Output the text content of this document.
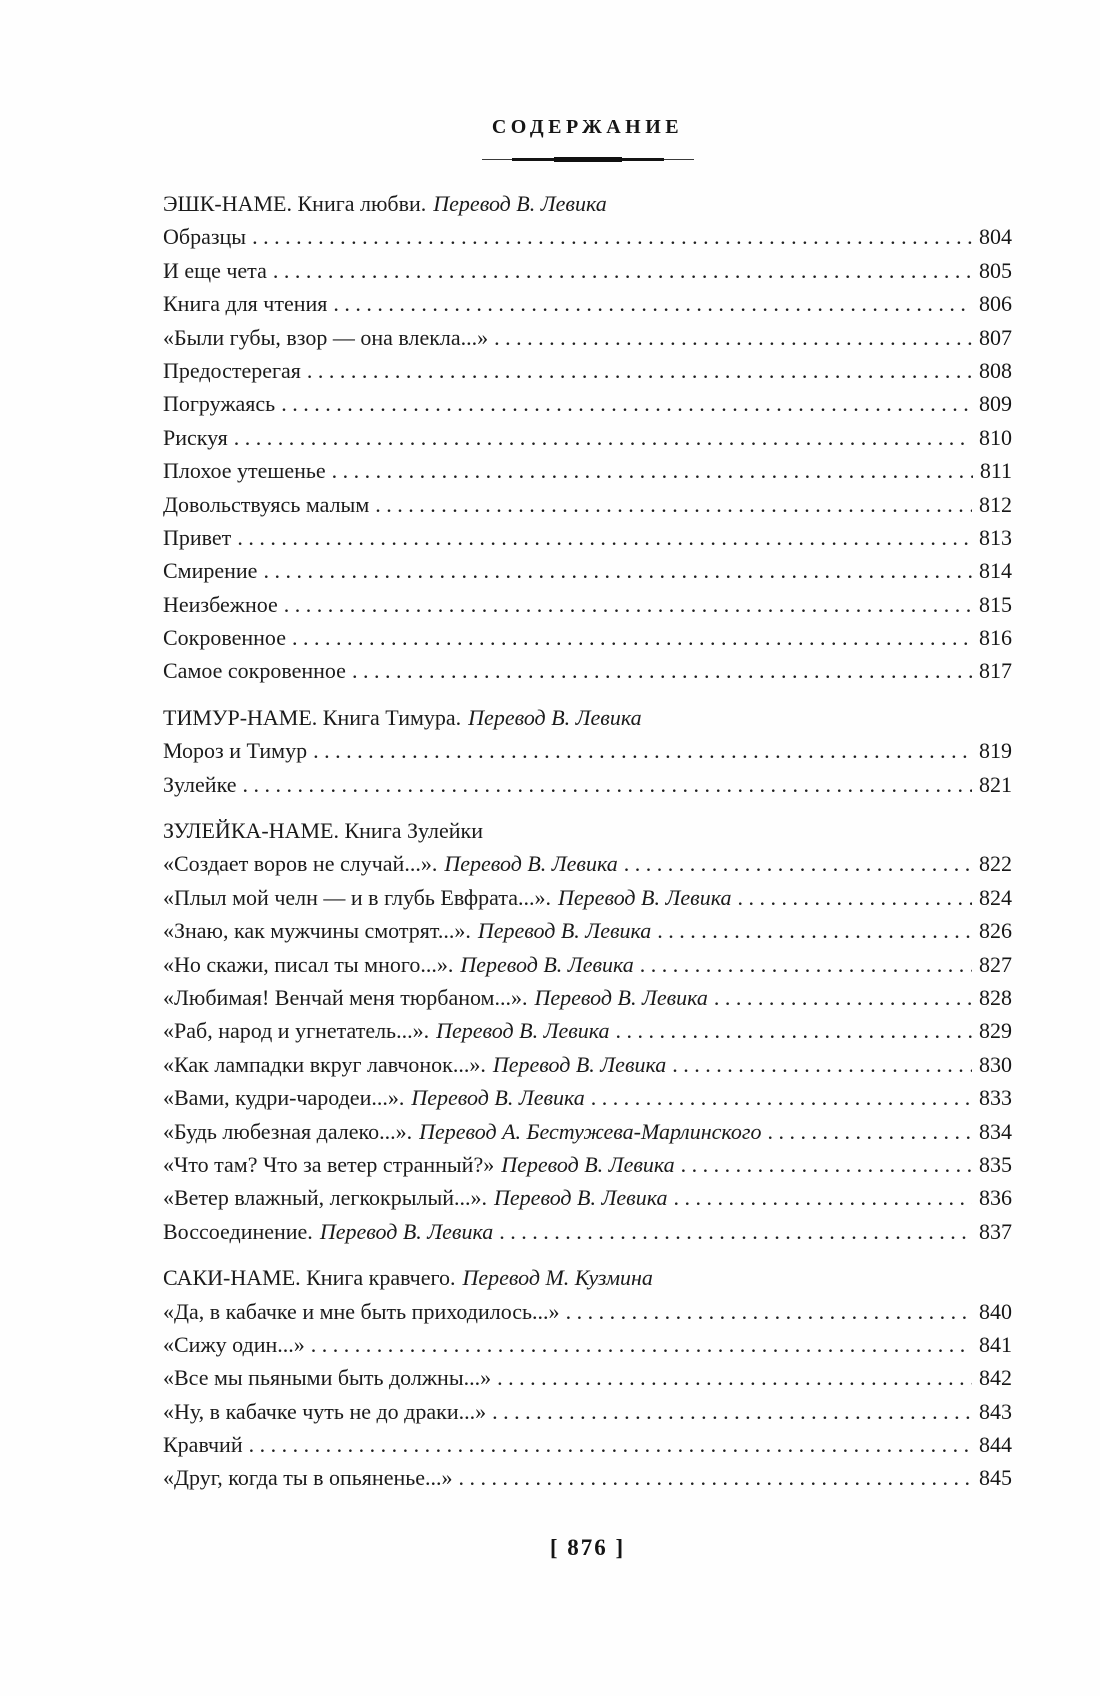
СОДЕРЖАНИЕ
ЭШК-НАМЕ. Книга любви. Перевод В. Левика
Образцы . . .	804
И еще чета . . .	805
Книга для чтения . . .	806
«Были губы, взор — она влекла...» . . .	807
Предостерегая . . .	808
Погружаясь . . .	809
Рискуя . . .	810
Плохое утешенье . . .	811
Довольствуясь малым . . .	812
Привет . . .	813
Смирение . . .	814
Неизбежное . . .	815
Сокровенное . . .	816
Самое сокровенное . . .	817
ТИМУР-НАМЕ. Книга Тимура. Перевод В. Левика
Мороз и Тимур . . .	819
Зулейке . . .	821
ЗУЛЕЙКА-НАМЕ. Книга Зулейки
«Создает воров не случай...». Перевод В. Левика . . .	822
«Плыл мой челн — и в глубь Евфрата...». Перевод В. Левика . . .	824
«Знаю, как мужчины смотрят...». Перевод В. Левика . . .	826
«Но скажи, писал ты много...». Перевод В. Левика . . .	827
«Любимая! Венчай меня тюрбаном...». Перевод В. Левика . . .	828
«Раб, народ и угнетатель...». Перевод В. Левика . . .	829
«Как лампадки вкруг лавчонок...». Перевод В. Левика . . .	830
«Вами, кудри-чародеи...». Перевод В. Левика . . .	833
«Будь любезная далеко...». Перевод А. Бестужева-Марлинского . . .	834
«Что там? Что за ветер странный?» Перевод В. Левика . . .	835
«Ветер влажный, легкокрылый...». Перевод В. Левика . . .	836
Воссоединение. Перевод В. Левика . . .	837
САКИ-НАМЕ. Книга кравчего. Перевод М. Кузмина
«Да, в кабачке и мне быть приходилось...» . . .	840
«Сижу один...» . . .	841
«Все мы пьяными быть должны...» . . .	842
«Ну, в кабачке чуть не до драки...» . . .	843
Кравчий . . .	844
«Друг, когда ты в опьяненье...» . . .	845
[ 876 ]
